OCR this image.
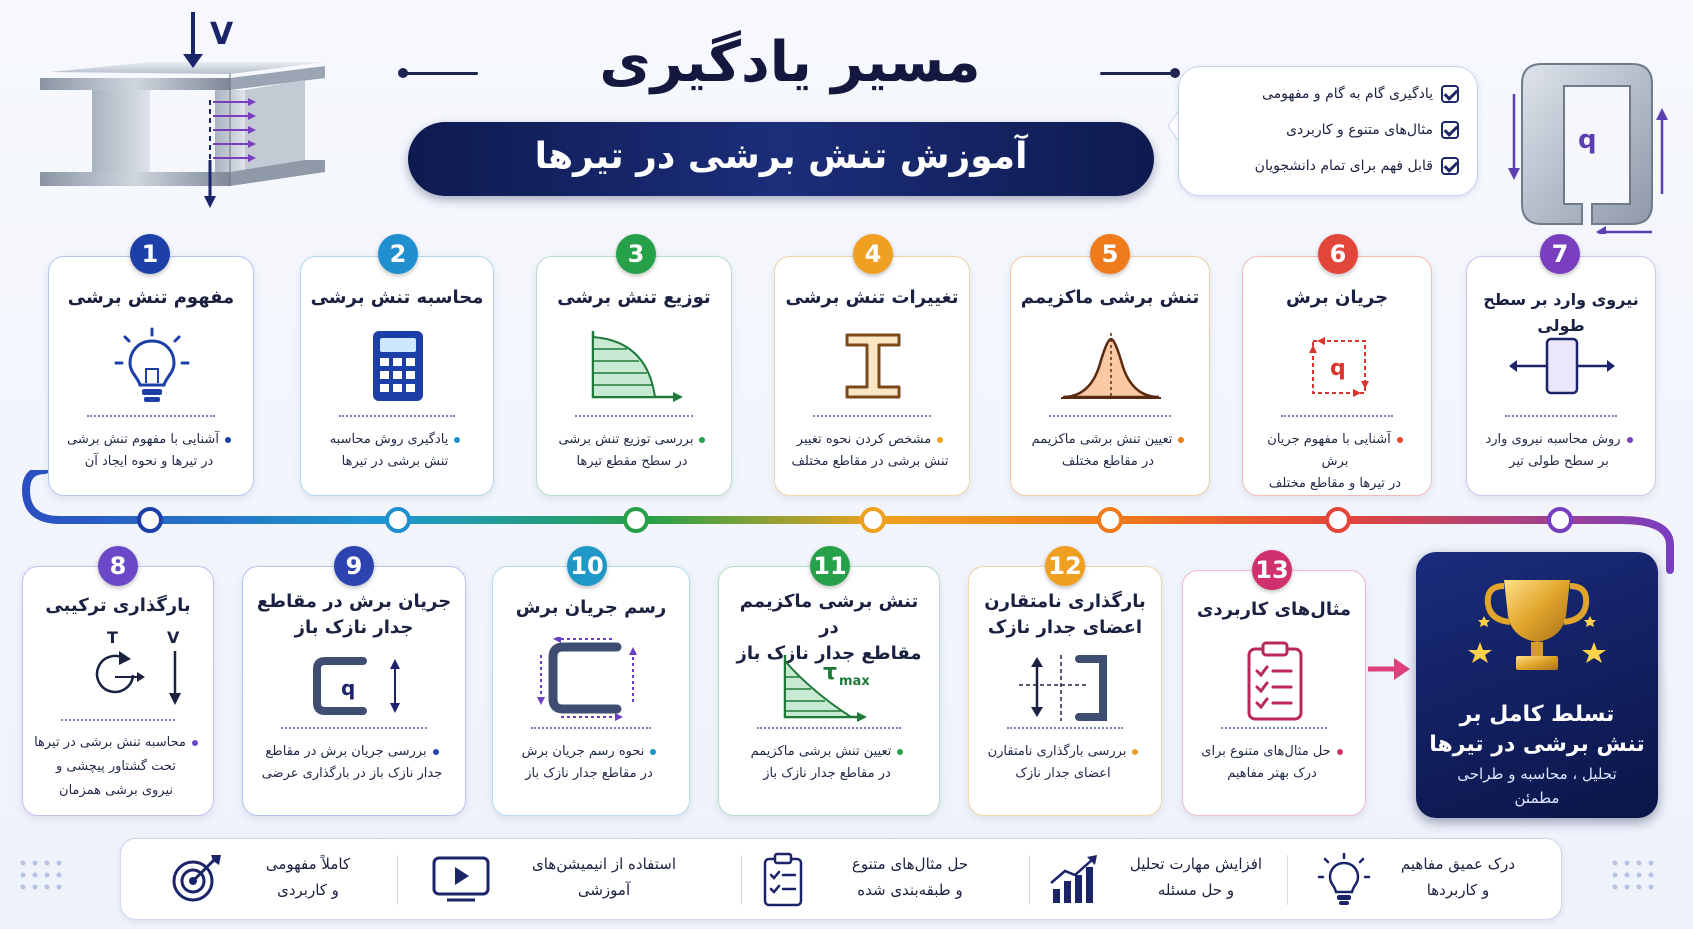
V	مسیر یادگیری
آموزش تنش برشی در تیرها
یادگیری گام به گام و مفهومی
مثال‌های متنوع و کاربردی
قابل فهم برای تمام دانشجویان
q
مفهوم تنش برشی
آشنایی با مفهوم تنش برشی
در تیرها و نحوه ایجاد آن
1
محاسبه تنش برشی
یادگیری روش محاسبه
تنش برشی در تیرها
2
توزیع تنش برشی
بررسی توزیع تنش برشی
در سطح مقطع تیرها
3
تغییرات تنش برشی
مشخص کردن نحوه تغییر
تنش برشی در مقاطع مختلف
4
تنش برشی ماکزیمم
تعیین تنش برشی ماکزیمم
در مقاطع مختلف
5
جریان برش
q
آشنایی با مفهوم جریان برش
در تیرها و مقاطع مختلف
6
نیروی وارد بر سطح طولی
روش محاسبه نیروی وارد
بر سطح طولی تیر
7
بارگذاری ترکیبی
T	V
محاسبه تنش برشی در تیرها
تحت گشتاور پیچشی و
نیروی برشی همزمان
8
جریان برش در مقاطع
جدار نازک باز
q
بررسی جریان برش در مقاطع
جدار نازک باز در بارگذاری عرضی
9
رسم جریان برش
نحوه رسم جریان برش
در مقاطع جدار نازک باز
10
تنش برشی ماکزیمم در
مقاطع جدار نازک باز
τ max
تعیین تنش برشی ماکزیمم
در مقاطع جدار نازک باز
11
بارگذاری نامتقارن
اعضای جدار نازک
بررسی بارگذاری نامتقارن
اعضای جدار نازک
12
مثال‌های کاربردی
حل مثال‌های متنوع برای
درک بهتر مفاهیم
13
تسلط کامل بر
تنش برشی در تیرها
تحلیل ، محاسبه و طراحی
مطمئن
درک عمیق مفاهیم
و کاربردها
افزایش مهارت تحلیل
و حل مسئله
حل مثال‌های متنوع
و طبقه‌بندی شده
استفاده از انیمیشن‌های
آموزشی
کاملاً مفهومی
و کاربردی
